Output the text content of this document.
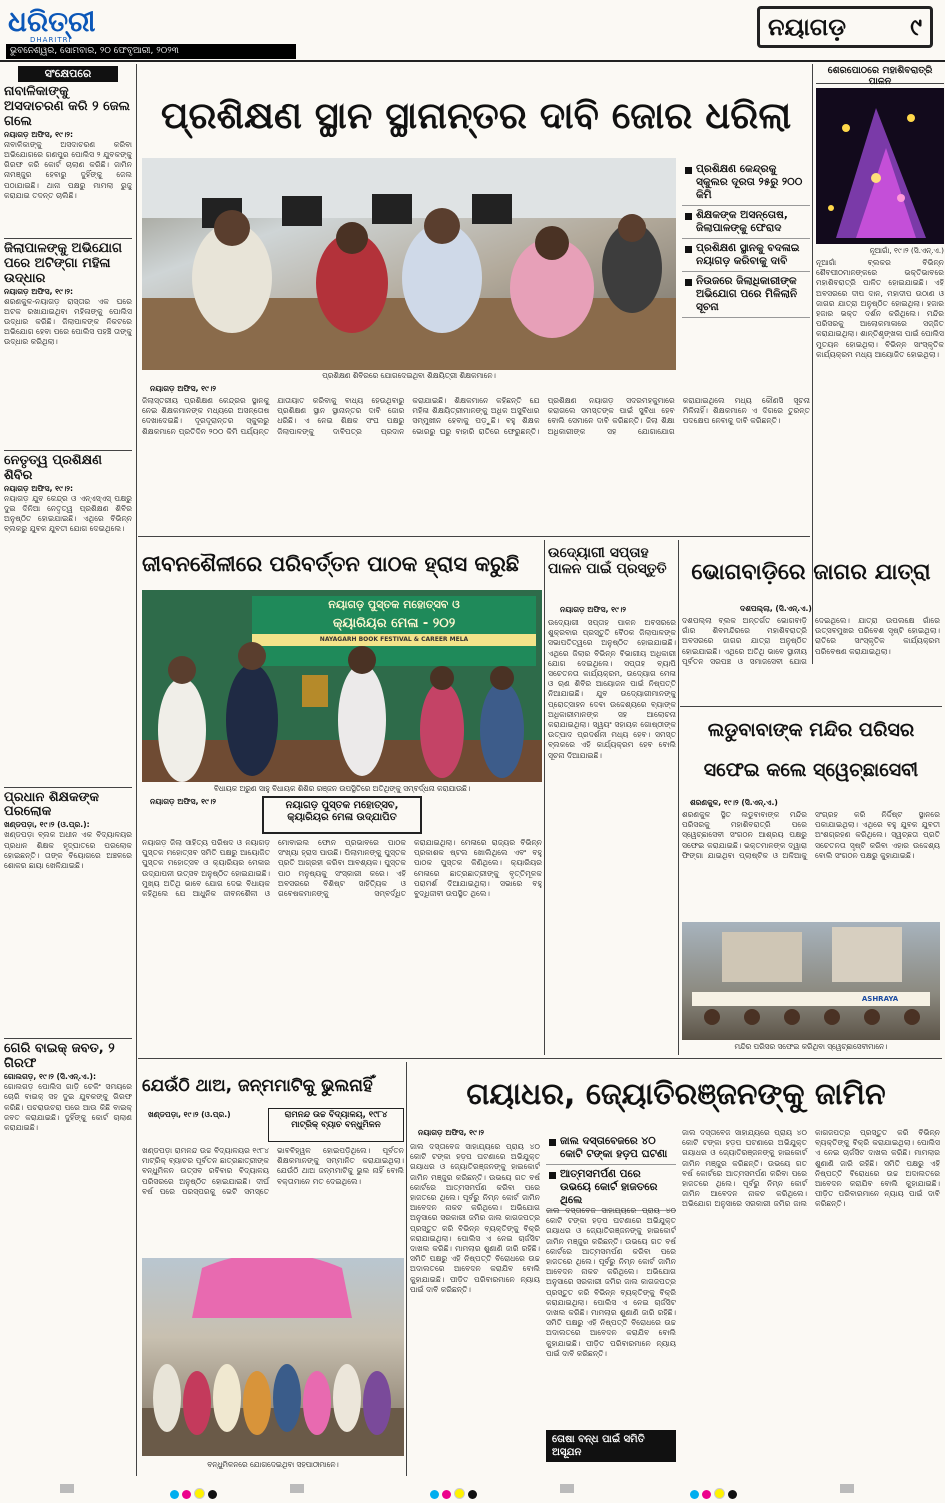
ଧରିତ୍ରୀ
DHARITRI
ଭୁବନେଶ୍ୱର, ସୋମବାର, ୨୦ ଫେବୃଆରୀ, ୨୦୨୩
ନୟାଗଡ଼	୯
ସଂକ୍ଷେପରେ
ନାବାଳିକାଙ୍କୁ ଅସଦାଚରଣ କରି ୨ ଜେଲ ଗଲେ
ନୟାଗଡ଼ ଅଫିସ, ୧୯।୨:
ନାବାଳିକାଙ୍କୁ ଅସଦାଚରଣ କରିବା ଅଭିଯୋଗରେ ଗଣପୁର ପୋଲିସ ୨ ଯୁବକଙ୍କୁ ଗିରଫ କରି କୋର୍ଟ ଚାଲାଣ କରିଛି। ଜାମିନ ନାମଞ୍ଜୁର ହେବାରୁ ଦୁହିଁଙ୍କୁ ଜେଲ ପଠାଯାଇଛି। ଥାନା ପକ୍ଷରୁ ମାମଲା ରୁଜୁ କରାଯାଇ ତଦନ୍ତ ଚାଲିଛି।
ଜିଲାପାଳଙ୍କୁ ଅଭିଯୋଗ ପରେ ଅଟିଙ୍ଗା ମହିଳା ଉଦ୍ଧାର
ନୟାଗଡ଼ ଅଫିସ, ୧୯।୨:
ଶରଣକୁଳ-ନୟାଗଡ଼ ରାସ୍ତାର ଏକ ଘରେ ଅଟକ ରଖାଯାଇଥିବା ମହିଳାଙ୍କୁ ପୋଲିସ ଉଦ୍ଧାର କରିଛି। ଜିଲାପାଳଙ୍କ ନିକଟରେ ଅଭିଯୋଗ ହେବା ପରେ ପୋଲିସ ପହଞ୍ଚି ତାଙ୍କୁ ଉଦ୍ଧାର କରିଥିଲା।
ନେତୃତ୍ୱ ପ୍ରଶିକ୍ଷଣ ଶିବିର
ନୟାଗଡ଼ ଅଫିସ, ୧୯।୨:
ନୟାଗଡ଼ ଯୁବ କେନ୍ଦ୍ର ଓ ଏନ୍‌ଏସ୍‌ଏସ୍ ପକ୍ଷରୁ ଦୁଇ ଦିନିଆ ନେତୃତ୍ୱ ପ୍ରଶିକ୍ଷଣ ଶିବିର ଅନୁଷ୍ଠିତ ହୋଇଯାଇଛି। ଏଥିରେ ବିଭିନ୍ନ ବ୍ଲକରୁ ଯୁବକ ଯୁବତୀ ଯୋଗ ଦେଇଥିଲେ।
ପ୍ରଧାନ ଶିକ୍ଷକଙ୍କ ପରଲୋକ
ଖଣ୍ଡପଡ଼ା, ୧୯।୨ (ଓ.ପ୍ର.):
ଖଣ୍ଡପଡ଼ା ବ୍ଲକ ଅଧୀନ ଏକ ବିଦ୍ୟାଳୟର ପ୍ରଧାନ ଶିକ୍ଷକ ହୃଦ୍‌ଘାତରେ ପରଲୋକ ହୋଇଛନ୍ତି। ତାଙ୍କ ବିୟୋଗରେ ଅଞ୍ଚଳରେ ଶୋକର ଛାୟା ଖେଳିଯାଇଛି।
ଗେରି ବାଇକ୍ ଜବତ, ୨ ଗିରଫ
ଗୋଲଗଡ଼, ୧୯।୨ (ସି.ଏନ୍.ଏ.):
ଗୋଲଗଡ଼ ପୋଲିସ ଗାଡ଼ି ଚେକିଂ ସମୟରେ ଚୋରି ବାଇକ୍ ସହ ଦୁଇ ଯୁବକଙ୍କୁ ଗିରଫ କରିଛି। ପଚରାଉଚରା ପରେ ଆଉ କିଛି ବାଇକ୍ ଜବତ କରାଯାଇଛି। ଦୁହିଁଙ୍କୁ କୋର୍ଟ ଚାଲାଣ କରାଯାଇଛି।
ପ୍ରଶିକ୍ଷଣ ସ୍ଥାନ ସ୍ଥାନାନ୍ତର ଦାବି ଜୋର ଧରିଲା
ପ୍ରଶିକ୍ଷଣ ଶିବିରରେ ଯୋଗଦେଇଥିବା ଶିକ୍ଷୟିତ୍ରୀ ଶିକ୍ଷକମାନେ।
ପ୍ରଶିକ୍ଷଣ କେନ୍ଦ୍ରକୁ ସ୍କୁଲର ଦୂରତା ୨୫ରୁ ୨୦୦ କିମି
ଶିକ୍ଷକଙ୍କ ଅସନ୍ତୋଷ, ଜିଲାପାଳଙ୍କୁ ଫେରାଦ
ପ୍ରଶିକ୍ଷଣ ସ୍ଥାନକୁ ବଦଳାଇ ନୟାଗଡ଼ କରିବାକୁ ଦାବି
ନିଉଜରେ ଜିଲାଧିକାରୀଙ୍କ ଅଭିଯୋଗ ପରେ ମିଳିଲାନି ସୂଚନା
ନୟାଗଡ଼ ଅଫିସ, ୧୯।୨
ଜିଲାସ୍ତରୀୟ ପ୍ରଶିକ୍ଷଣ କେନ୍ଦ୍ରର ସ୍ଥାନକୁ ନେଇ ଶିକ୍ଷକମାନଙ୍କ ମଧ୍ୟରେ ଅସନ୍ତୋଷ ଦେଖାଦେଇଛି। ଦୂରଦୂରାନ୍ତର ସ୍କୁଲରୁ ଶିକ୍ଷକମାନେ ପ୍ରତିଦିନ ୨୦୦ କିମି ପର୍ଯ୍ୟନ୍ତ ଯାତାୟାତ କରିବାକୁ ବାଧ୍ୟ ହେଉଥିବାରୁ ପ୍ରଶିକ୍ଷଣ ସ୍ଥାନ ସ୍ଥାନାନ୍ତର ଦାବି ଜୋର ଧରିଛି। ଏ ନେଇ ଶିକ୍ଷକ ସଂଘ ପକ୍ଷରୁ ଜିଲାପାଳଙ୍କୁ ଦାବିପତ୍ର ପ୍ରଦାନ କରାଯାଇଛି। ଶିକ୍ଷକମାନେ କହିଛନ୍ତି ଯେ ମହିଳା ଶିକ୍ଷୟିତ୍ରୀମାନଙ୍କୁ ଅଧିକ ଅସୁବିଧାର ସମ୍ମୁଖୀନ ହେବାକୁ ପଡ଼ୁଛି। ବହୁ ଶିକ୍ଷକ ଭୋରରୁ ଘରୁ ବାହାରି ରାତିରେ ଫେରୁଛନ୍ତି। ପ୍ରଶିକ୍ଷଣ ନୟାଗଡ଼ ସଦରମହକୁମାରେ କରାଗଲେ ସମସ୍ତଙ୍କ ପାଇଁ ସୁବିଧା ହେବ ବୋଲି ସେମାନେ ଦାବି କରିଛନ୍ତି। ଜିଲା ଶିକ୍ଷା ଅଧିକାରୀଙ୍କ ସହ ଯୋଗାଯୋଗ କରାଯାଇଥିଲେ ମଧ୍ୟ କୌଣସି ସୂଚନା ମିଳିନାହିଁ। ଶିକ୍ଷକମାନେ ଏ ଦିଗରେ ତୁରନ୍ତ ପଦକ୍ଷେପ ନେବାକୁ ଦାବି କରିଛନ୍ତି।
ଶେରପୋଠରେ ମହାଶିବରାତ୍ରି ପାଳନ
ନୂଆଗାଁ, ୧୯।୨ (ସି.ଏନ୍.ଏ.)
ନୂଆଗାଁ ବ୍ଲକର ବିଭିନ୍ନ ଶୈବପୀଠମାନଙ୍କରେ ଭକ୍ତିଭାବରେ ମହାଶିବରାତ୍ରି ପାଳିତ ହୋଇଯାଇଛି। ଏହି ଅବସରରେ ଦୀପ ଦାନ, ମହାଦୀପ ଉଠାଣ ଓ ଜାଗର ଯାତ୍ରା ଅନୁଷ୍ଠିତ ହୋଇଥିଲା। ହଜାର ହଜାର ଭକ୍ତ ଦର୍ଶନ କରିଥିଲେ। ମନ୍ଦିର ପରିସରକୁ ଆଲୋକମାଳାରେ ସଜ୍ଜିତ କରାଯାଇଥିଲା। ଶାନ୍ତିଶୃଙ୍ଖଳା ପାଇଁ ପୋଲିସ ମୁତୟନ ହୋଇଥିଲା। ବିଭିନ୍ନ ସାଂସ୍କୃତିକ କାର୍ଯ୍ୟକ୍ରମ ମଧ୍ୟ ଆୟୋଜିତ ହୋଇଥିଲା।
ଜୀବନଶୈଳୀରେ ପରିବର୍ତ୍ତନ ପାଠକ ହ୍ରାସ କରୁଛି
ନୟାଗଡ଼ ପୁସ୍ତକ ମହୋତ୍ସବ ଓ
କ୍ୟାରିୟର ମେଳା - ୨୦୨
NAYAGARH BOOK FESTIVAL & CAREER MELA
ବିଧାୟକ ଅରୁଣ ସାହୁ ବିଧାୟକ ଶିଶିର ରଞ୍ଜନ ଉପସ୍ଥିତିରେ ଅତିଥିଙ୍କୁ ସମ୍ବର୍ଦ୍ଧନା କରାଯାଉଛି।
ନୟାଗଡ଼ ଅଫିସ, ୧୯।୨	ନୟାଗଡ଼ ପୁସ୍ତକ ମହୋତ୍ସବ, କ୍ୟାରିୟର ମେଳା ଉଦ୍‌ଯାପିତ
ନୟାଗଡ଼ ଜିଲା ସାହିତ୍ୟ ପରିଷଦ ଓ ନୟାଗଡ଼ ପୁସ୍ତକ ମହୋତ୍ସବ ସମିତି ପକ୍ଷରୁ ଆୟୋଜିତ ପୁସ୍ତକ ମହୋତ୍ସବ ଓ କ୍ୟାରିୟର ମେଳାର ଉଦ୍‌ଯାପନୀ ଉତ୍ସବ ଅନୁଷ୍ଠିତ ହୋଇଯାଇଛି। ମୁଖ୍ୟ ଅତିଥି ଭାବେ ଯୋଗ ଦେଇ ବିଧାୟକ କହିଥିଲେ ଯେ ଆଧୁନିକ ଜୀବନଶୈଳୀ ଓ ମୋବାଇଲ ଫୋନ ପ୍ରଭାବରେ ପାଠକ ସଂଖ୍ୟା ହ୍ରାସ ପାଉଛି। ପିଲାମାନଙ୍କୁ ପୁସ୍ତକ ପ୍ରତି ଆଗ୍ରହୀ କରିବା ଆବଶ୍ୟକ। ପୁସ୍ତକ ପାଠ ମନୁଷ୍ୟକୁ ସଂସ୍କାରୀ କରେ। ଏହି ଅବସରରେ ବିଶିଷ୍ଟ ସାହିତ୍ୟିକ ଓ ଗବେଷକମାନଙ୍କୁ ସମ୍ବର୍ଦ୍ଧିତ କରାଯାଇଥିଲା। ମେଳାରେ ରାଜ୍ୟର ବିଭିନ୍ନ ପ୍ରକାଶକ ଷ୍ଟଲ ଖୋଲିଥିଲେ ଏବଂ ବହୁ ପାଠକ ପୁସ୍ତକ କିଣିଥିଲେ। କ୍ୟାରିୟର ମେଳାରେ ଛାତ୍ରଛାତ୍ରୀଙ୍କୁ ବୃତ୍ତିମୂଳକ ପରାମର୍ଶ ଦିଆଯାଇଥିଲା। ସଭାରେ ବହୁ ବୁଦ୍ଧିଜୀବୀ ଉପସ୍ଥିତ ଥିଲେ।
ଉଦ୍ୟୋଗୀ ସପ୍ତାହ ପାଳନ ପାଇଁ ପ୍ରସ୍ତୁତି
ନୟାଗଡ଼ ଅଫିସ, ୧୯।୨
ଉଦ୍ୟୋଗୀ ସପ୍ତାହ ପାଳନ ଅବସରରେ ଶୁକ୍ରବାର ପ୍ରସ୍ତୁତି ବୈଠକ ଜିଲାପାଳଙ୍କ ସଭାପତିତ୍ୱରେ ଅନୁଷ୍ଠିତ ହୋଇଯାଇଛି। ଏଥିରେ ଜିଲାର ବିଭିନ୍ନ ବିଭାଗୀୟ ଅଧିକାରୀ ଯୋଗ ଦେଇଥିଲେ। ସପ୍ତାହ ବ୍ୟାପି ସଚେତନତା କାର୍ଯ୍ୟକ୍ରମ, ଉଦ୍ୟୋଗ ମେଳା ଓ ଋଣ ଶିବିର ଆୟୋଜନ ପାଇଁ ନିଷ୍ପତ୍ତି ନିଆଯାଇଛି। ଯୁବ ଉଦ୍ୟୋଗୀମାନଙ୍କୁ ପ୍ରୋତ୍ସାହନ ଦେବା ଉଦ୍ଦେଶ୍ୟରେ ବ୍ୟାଙ୍କ ଅଧିକାରୀମାନଙ୍କ ସହ ଆଲୋଚନା କରାଯାଇଥିଲା। ସ୍ୱୟଂ ସହାୟକ ଗୋଷ୍ଠୀଙ୍କ ଉତ୍ପାଦ ପ୍ରଦର୍ଶନୀ ମଧ୍ୟ ହେବ। ସମସ୍ତ ବ୍ଲକରେ ଏହି କାର୍ଯ୍ୟକ୍ରମ ହେବ ବୋଲି ସୂଚନା ଦିଆଯାଇଛି।
ଭୋଗବାଡ଼ିରେ ଜାଗର ଯାତ୍ରା
ଦଶପଲ୍ଲା, (ସି.ଏନ୍.ଏ.)
ଦଶପଲ୍ଲା ବ୍ଲକ ଅନ୍ତର୍ଗତ ଭୋଗବାଡ଼ି ଗାଁର ଶିବମନ୍ଦିରରେ ମହାଶିବରାତ୍ରି ଅବସରରେ ଜାଗର ଯାତ୍ରା ଅନୁଷ୍ଠିତ ହୋଇଯାଇଛି। ଏଥିରେ ଅତିଥି ଭାବେ ସ୍ଥାନୀୟ ପୂର୍ବତନ ସରପଞ୍ଚ ଓ ସମାଜସେବୀ ଯୋଗ ଦେଇଥିଲେ। ଯାତ୍ରା ଉପଲକ୍ଷେ ଗାଁରେ ଉତ୍ସବମୁଖର ପରିବେଶ ସୃଷ୍ଟି ହୋଇଥିଲା। ରାତିରେ ସାଂସ୍କୃତିକ କାର୍ଯ୍ୟକ୍ରମ ପରିବେଷଣ କରାଯାଇଥିଲା।
ଲଡୁବାବାଙ୍କ ମନ୍ଦିର ପରିସର ସଫେଇ କଲେ ସ୍ୱେଚ୍ଛାସେବୀ
ଶରଣକୁଳ, ୧୯।୨ (ସି.ଏନ୍.ଏ.)
ଶରଣକୁଳ ସ୍ଥିତ ଲଡୁବାବାଙ୍କ ମନ୍ଦିର ପରିସରକୁ ମହାଶିବରାତ୍ରି ପରେ ସ୍ୱେଚ୍ଛାସେବୀ ସଂଗଠନ ଆଶ୍ରୟ ପକ୍ଷରୁ ସଫେଇ କରାଯାଇଛି। ଭକ୍ତମାନଙ୍କ ଦ୍ୱାରା ଫିଙ୍ଗା ଯାଇଥିବା ପ୍ଲାଷ୍ଟିକ ଓ ଅଳିଆକୁ ସଂଗ୍ରହ କରି ନିର୍ଦ୍ଦିଷ୍ଟ ସ୍ଥାନରେ ପକାଯାଇଥିଲା। ଏଥିରେ ବହୁ ଯୁବକ ଯୁବତୀ ଅଂଶଗ୍ରହଣ କରିଥିଲେ। ସ୍ୱଚ୍ଛତା ପ୍ରତି ସଚେତନତା ସୃଷ୍ଟି କରିବା ଏହାର ଉଦ୍ଦେଶ୍ୟ ବୋଲି ସଂଗଠନ ପକ୍ଷରୁ କୁହାଯାଇଛି।
ASHRAYA
ମନ୍ଦିର ପରିସର ସଫେଇ କରିଥିବା ସ୍ୱେଚ୍ଛାସେବୀମାନେ।
ଯେଉଁଠି ଥାଅ, ଜନ୍ମମାଟିକୁ ଭୁଲନାହିଁ
ଖଣ୍ଡପଡ଼ା, ୧୯।୨ (ଓ.ପ୍ର.)	ରାମନନ୍ଦ ଉଚ୍ଚ ବିଦ୍ୟାଳୟ, ୧୯୮୪ ମାଟ୍ରିକ୍ ବ୍ୟାଚ ବନ୍ଧୁମିଳନ
ଖଣ୍ଡପଡ଼ା ରାମନନ୍ଦ ଉଚ୍ଚ ବିଦ୍ୟାଳୟର ୧୯୮୪ ମାଟ୍ରିକ୍ ବ୍ୟାଚର ପୂର୍ବତନ ଛାତ୍ରଛାତ୍ରୀଙ୍କ ବନ୍ଧୁମିଳନ ଉତ୍ସବ ରବିବାର ବିଦ୍ୟାଳୟ ପରିସରରେ ଅନୁଷ୍ଠିତ ହୋଇଯାଇଛି। ଦୀର୍ଘ ବର୍ଷ ପରେ ପରସ୍ପରକୁ ଭେଟି ସମସ୍ତେ ଭାବବିହ୍ୱଳ ହୋଇପଡ଼ିଥିଲେ। ପୂର୍ବତନ ଶିକ୍ଷକମାନଙ୍କୁ ସମ୍ମାନିତ କରାଯାଇଥିଲା। ଯେଉଁଠି ଥାଅ ଜନ୍ମମାଟିକୁ ଭୁଲ ନାହିଁ ବୋଲି ବକ୍ତାମାନେ ମତ ଦେଇଥିଲେ।
ବନ୍ଧୁମିଳନରେ ଯୋଗଦେଇଥିବା ସହପାଠୀମାନେ।
ଗୟାଧର, ଜ୍ୟୋତିରଞ୍ଜନଙ୍କୁ ଜାମିନ
ନୟାଗଡ଼ ଅଫିସ, ୧୯।୨
ଜାଲ ଦସ୍ତାବେଜରେ ୪୦ କୋଟି ଟଙ୍କା ହଡ଼ପ ଘଟଣା
ଆତ୍ମସମର୍ପଣ ପରେ ଉଭୟେ କୋର୍ଟ ହାଜତରେ ଥିଲେ
ଜାଲ ଦସ୍ତାବେଜ ସାହାଯ୍ୟରେ ପ୍ରାୟ ୪୦ କୋଟି ଟଙ୍କା ହଡ଼ପ ଘଟଣାରେ ଅଭିଯୁକ୍ତ ଗୟାଧର ଓ ଜ୍ୟୋତିରଞ୍ଜନଙ୍କୁ ହାଇକୋର୍ଟ ଜାମିନ ମଞ୍ଜୁର କରିଛନ୍ତି। ଉଭୟେ ଗତ ବର୍ଷ କୋର୍ଟରେ ଆତ୍ମସମର୍ପଣ କରିବା ପରେ ହାଜତରେ ଥିଲେ। ପୂର୍ବରୁ ନିମ୍ନ କୋର୍ଟ ଜାମିନ ଆବେଦନ ନାକଚ କରିଥିଲେ। ଅଭିଯୋଗ ଅନୁସାରେ ସରକାରୀ ଜମିର ଜାଲ କାଗଜପତ୍ର ପ୍ରସ୍ତୁତ କରି ବିଭିନ୍ନ ବ୍ୟକ୍ତିଙ୍କୁ ବିକ୍ରି କରାଯାଇଥିଲା। ପୋଲିସ ଏ ନେଇ ଚାର୍ଜସିଟ ଦାଖଲ କରିଛି। ମାମଲାର ଶୁଣାଣି ଜାରି ରହିଛି। ସମିତି ପକ୍ଷରୁ ଏହି ନିଷ୍ପତ୍ତି ବିରୋଧରେ ଉଚ୍ଚ ଅଦାଲତରେ ଆବେଦନ କରାଯିବ ବୋଲି କୁହାଯାଇଛି। ପୀଡ଼ିତ ପରିବାରମାନେ ନ୍ୟାୟ ପାଇଁ ଦାବି କରିଛନ୍ତି।
ଜାଲ ଦସ୍ତାବେଜ ସାହାଯ୍ୟରେ ପ୍ରାୟ ୪୦ କୋଟି ଟଙ୍କା ହଡ଼ପ ଘଟଣାରେ ଅଭିଯୁକ୍ତ ଗୟାଧର ଓ ଜ୍ୟୋତିରଞ୍ଜନଙ୍କୁ ହାଇକୋର୍ଟ ଜାମିନ ମଞ୍ଜୁର କରିଛନ୍ତି। ଉଭୟେ ଗତ ବର୍ଷ କୋର୍ଟରେ ଆତ୍ମସମର୍ପଣ କରିବା ପରେ ହାଜତରେ ଥିଲେ। ପୂର୍ବରୁ ନିମ୍ନ କୋର୍ଟ ଜାମିନ ଆବେଦନ ନାକଚ କରିଥିଲେ। ଅଭିଯୋଗ ଅନୁସାରେ ସରକାରୀ ଜମିର ଜାଲ କାଗଜପତ୍ର ପ୍ରସ୍ତୁତ କରି ବିଭିନ୍ନ ବ୍ୟକ୍ତିଙ୍କୁ ବିକ୍ରି କରାଯାଇଥିଲା। ପୋଲିସ ଏ ନେଇ ଚାର୍ଜସିଟ ଦାଖଲ କରିଛି। ମାମଲାର ଶୁଣାଣି ଜାରି ରହିଛି। ସମିତି ପକ୍ଷରୁ ଏହି ନିଷ୍ପତ୍ତି ବିରୋଧରେ ଉଚ୍ଚ ଅଦାଲତରେ ଆବେଦନ କରାଯିବ ବୋଲି କୁହାଯାଇଛି। ପୀଡ଼ିତ ପରିବାରମାନେ ନ୍ୟାୟ ପାଇଁ ଦାବି କରିଛନ୍ତି।
ତୋଷା ବନ୍ଧ ପାଇଁ ସମିତି ଅସୂଯନ
ଜାଲ ଦସ୍ତାବେଜ ସାହାଯ୍ୟରେ ପ୍ରାୟ ୪୦ କୋଟି ଟଙ୍କା ହଡ଼ପ ଘଟଣାରେ ଅଭିଯୁକ୍ତ ଗୟାଧର ଓ ଜ୍ୟୋତିରଞ୍ଜନଙ୍କୁ ହାଇକୋର୍ଟ ଜାମିନ ମଞ୍ଜୁର କରିଛନ୍ତି। ଉଭୟେ ଗତ ବର୍ଷ କୋର୍ଟରେ ଆତ୍ମସମର୍ପଣ କରିବା ପରେ ହାଜତରେ ଥିଲେ। ପୂର୍ବରୁ ନିମ୍ନ କୋର୍ଟ ଜାମିନ ଆବେଦନ ନାକଚ କରିଥିଲେ। ଅଭିଯୋଗ ଅନୁସାରେ ସରକାରୀ ଜମିର ଜାଲ କାଗଜପତ୍ର ପ୍ରସ୍ତୁତ କରି ବିଭିନ୍ନ ବ୍ୟକ୍ତିଙ୍କୁ ବିକ୍ରି କରାଯାଇଥିଲା। ପୋଲିସ ଏ ନେଇ ଚାର୍ଜସିଟ ଦାଖଲ କରିଛି। ମାମଲାର ଶୁଣାଣି ଜାରି ରହିଛି। ସମିତି ପକ୍ଷରୁ ଏହି ନିଷ୍ପତ୍ତି ବିରୋଧରେ ଉଚ୍ଚ ଅଦାଲତରେ ଆବେଦନ କରାଯିବ ବୋଲି କୁହାଯାଇଛି। ପୀଡ଼ିତ ପରିବାରମାନେ ନ୍ୟାୟ ପାଇଁ ଦାବି କରିଛନ୍ତି।
